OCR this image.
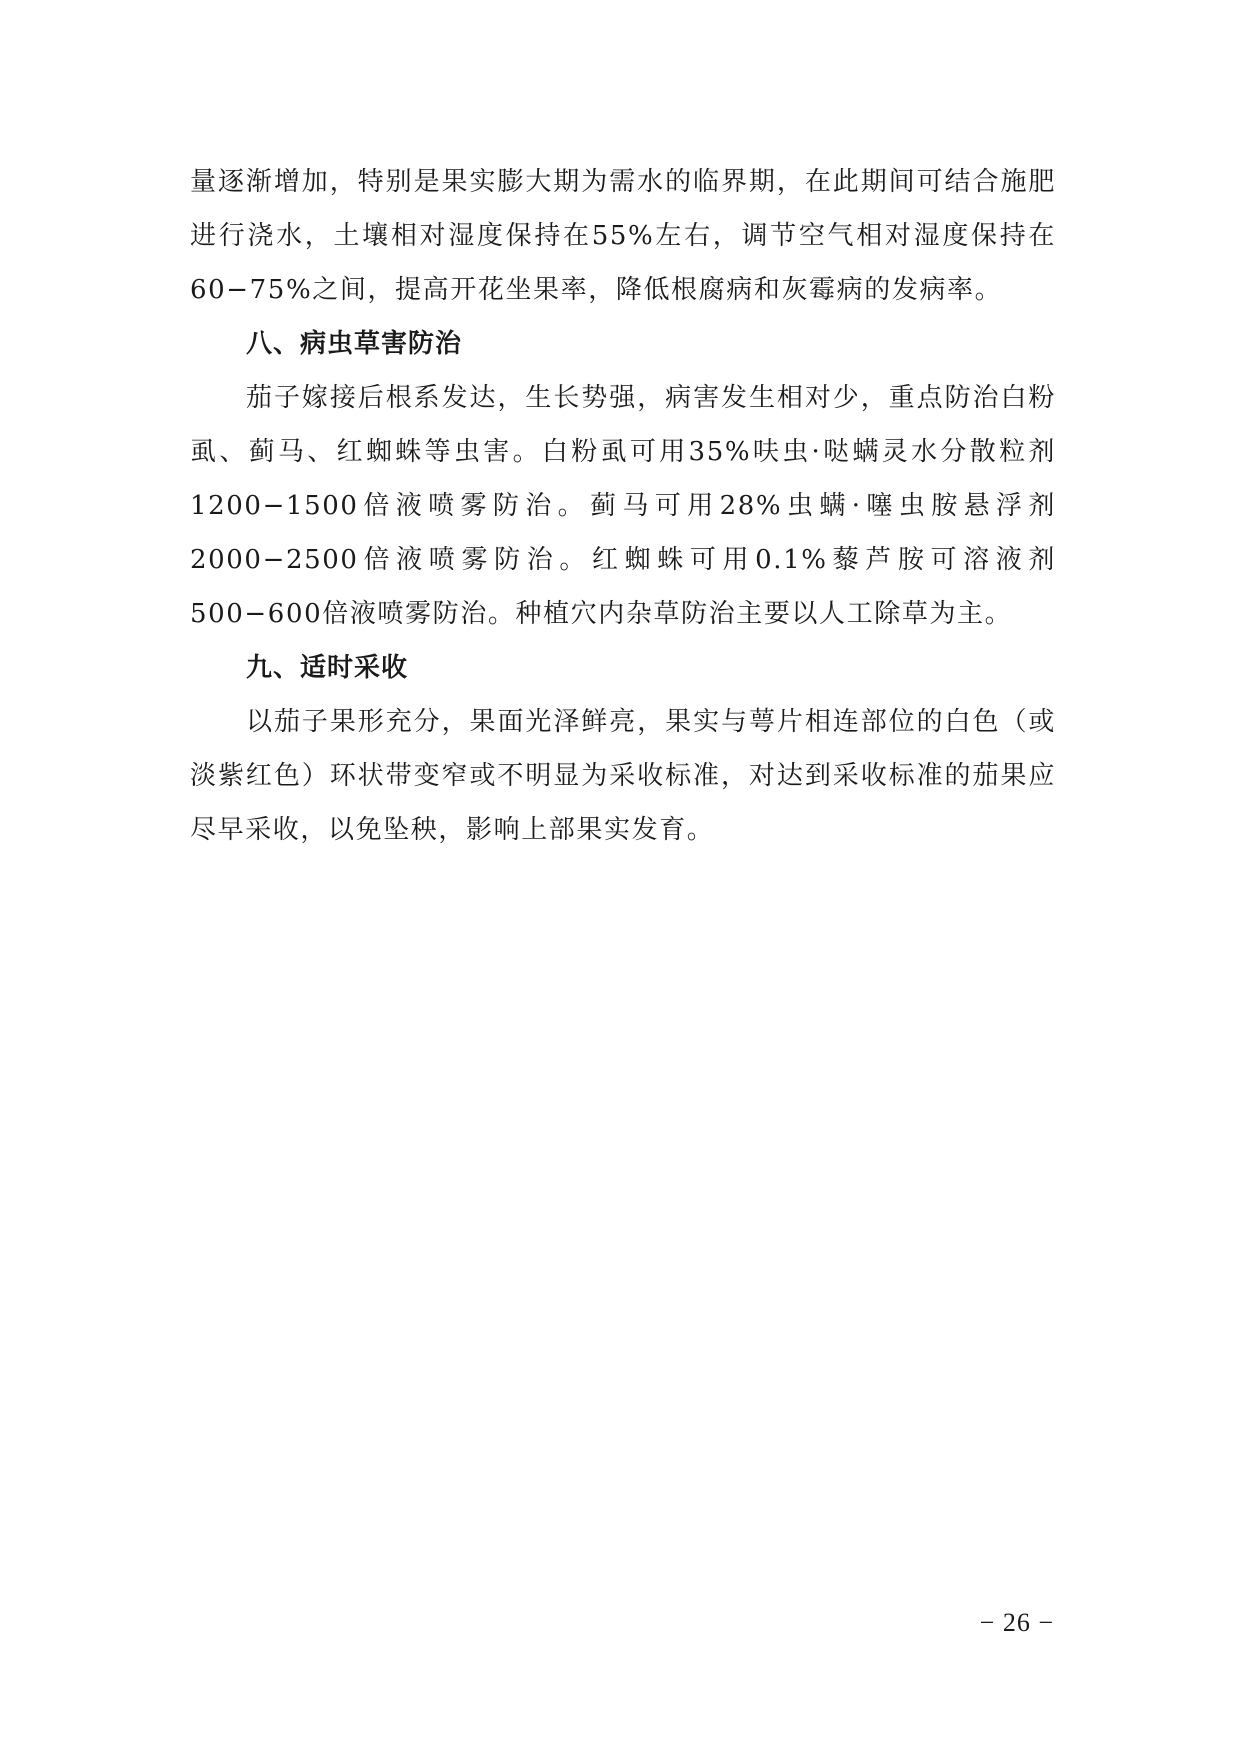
量逐渐增加，特别是果实膨大期为需水的临界期，在此期间可结合施肥进行浇水，土壤相对湿度保持在55%左右，调节空气相对湿度保持在60−75%之间，提高开花坐果率，降低根腐病和灰霉病的发病率。

八、病虫草害防治

茄子嫁接后根系发达，生长势强，病害发生相对少，重点防治白粉虱、蓟马、红蜘蛛等虫害。白粉虱可用35%呋虫·哒螨灵水分散粒剂1200−1500倍液喷雾防治。蓟马可用28%虫螨·噻虫胺悬浮剂2000−2500倍液喷雾防治。红蜘蛛可用0.1%藜芦胺可溶液剂500−600倍液喷雾防治。种植穴内杂草防治主要以人工除草为主。

九、适时采收

以茄子果形充分，果面光泽鲜亮，果实与萼片相连部位的白色（或淡紫红色）环状带变窄或不明显为采收标准，对达到采收标准的茄果应尽早采收，以免坠秧，影响上部果实发育。

− 26 −
